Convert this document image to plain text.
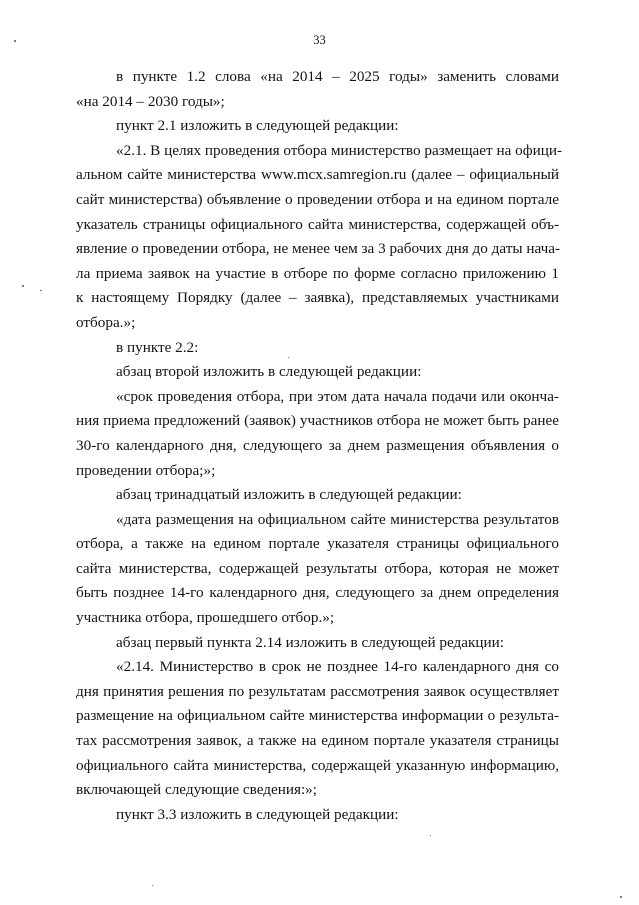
33
в пункте 1.2 слова «на 2014 – 2025 годы» заменить словами
«на 2014 – 2030 годы»;
пункт 2.1 изложить в следующей редакции:
«2.1. В целях проведения отбора министерство размещает на офици-
альном сайте министерства www.mcx.samregion.ru (далее – официальный
сайт министерства) объявление о проведении отбора и на едином портале
указатель страницы официального сайта министерства, содержащей объ-
явление о проведении отбора, не менее чем за 3 рабочих дня до даты нача-
ла приема заявок на участие в отборе по форме согласно приложению 1
к настоящему Порядку (далее – заявка), представляемых участниками
отбора.»;
в пункте 2.2:
абзац второй изложить в следующей редакции:
«срок проведения отбора, при этом дата начала подачи или оконча-
ния приема предложений (заявок) участников отбора не может быть ранее
30-го календарного дня, следующего за днем размещения объявления о
проведении отбора;»;
абзац тринадцатый изложить в следующей редакции:
«дата размещения на официальном сайте министерства результатов
отбора, а также на едином портале указателя страницы официального
сайта министерства, содержащей результаты отбора, которая не может
быть позднее 14-го календарного дня, следующего за днем определения
участника отбора, прошедшего отбор.»;
абзац первый пункта 2.14 изложить в следующей редакции:
«2.14. Министерство в срок не позднее 14-го календарного дня со
дня принятия решения по результатам рассмотрения заявок осуществляет
размещение на официальном сайте министерства информации о результа-
тах рассмотрения заявок, а также на едином портале указателя страницы
официального сайта министерства, содержащей указанную информацию,
включающей следующие сведения:»;
пункт 3.3 изложить в следующей редакции:
